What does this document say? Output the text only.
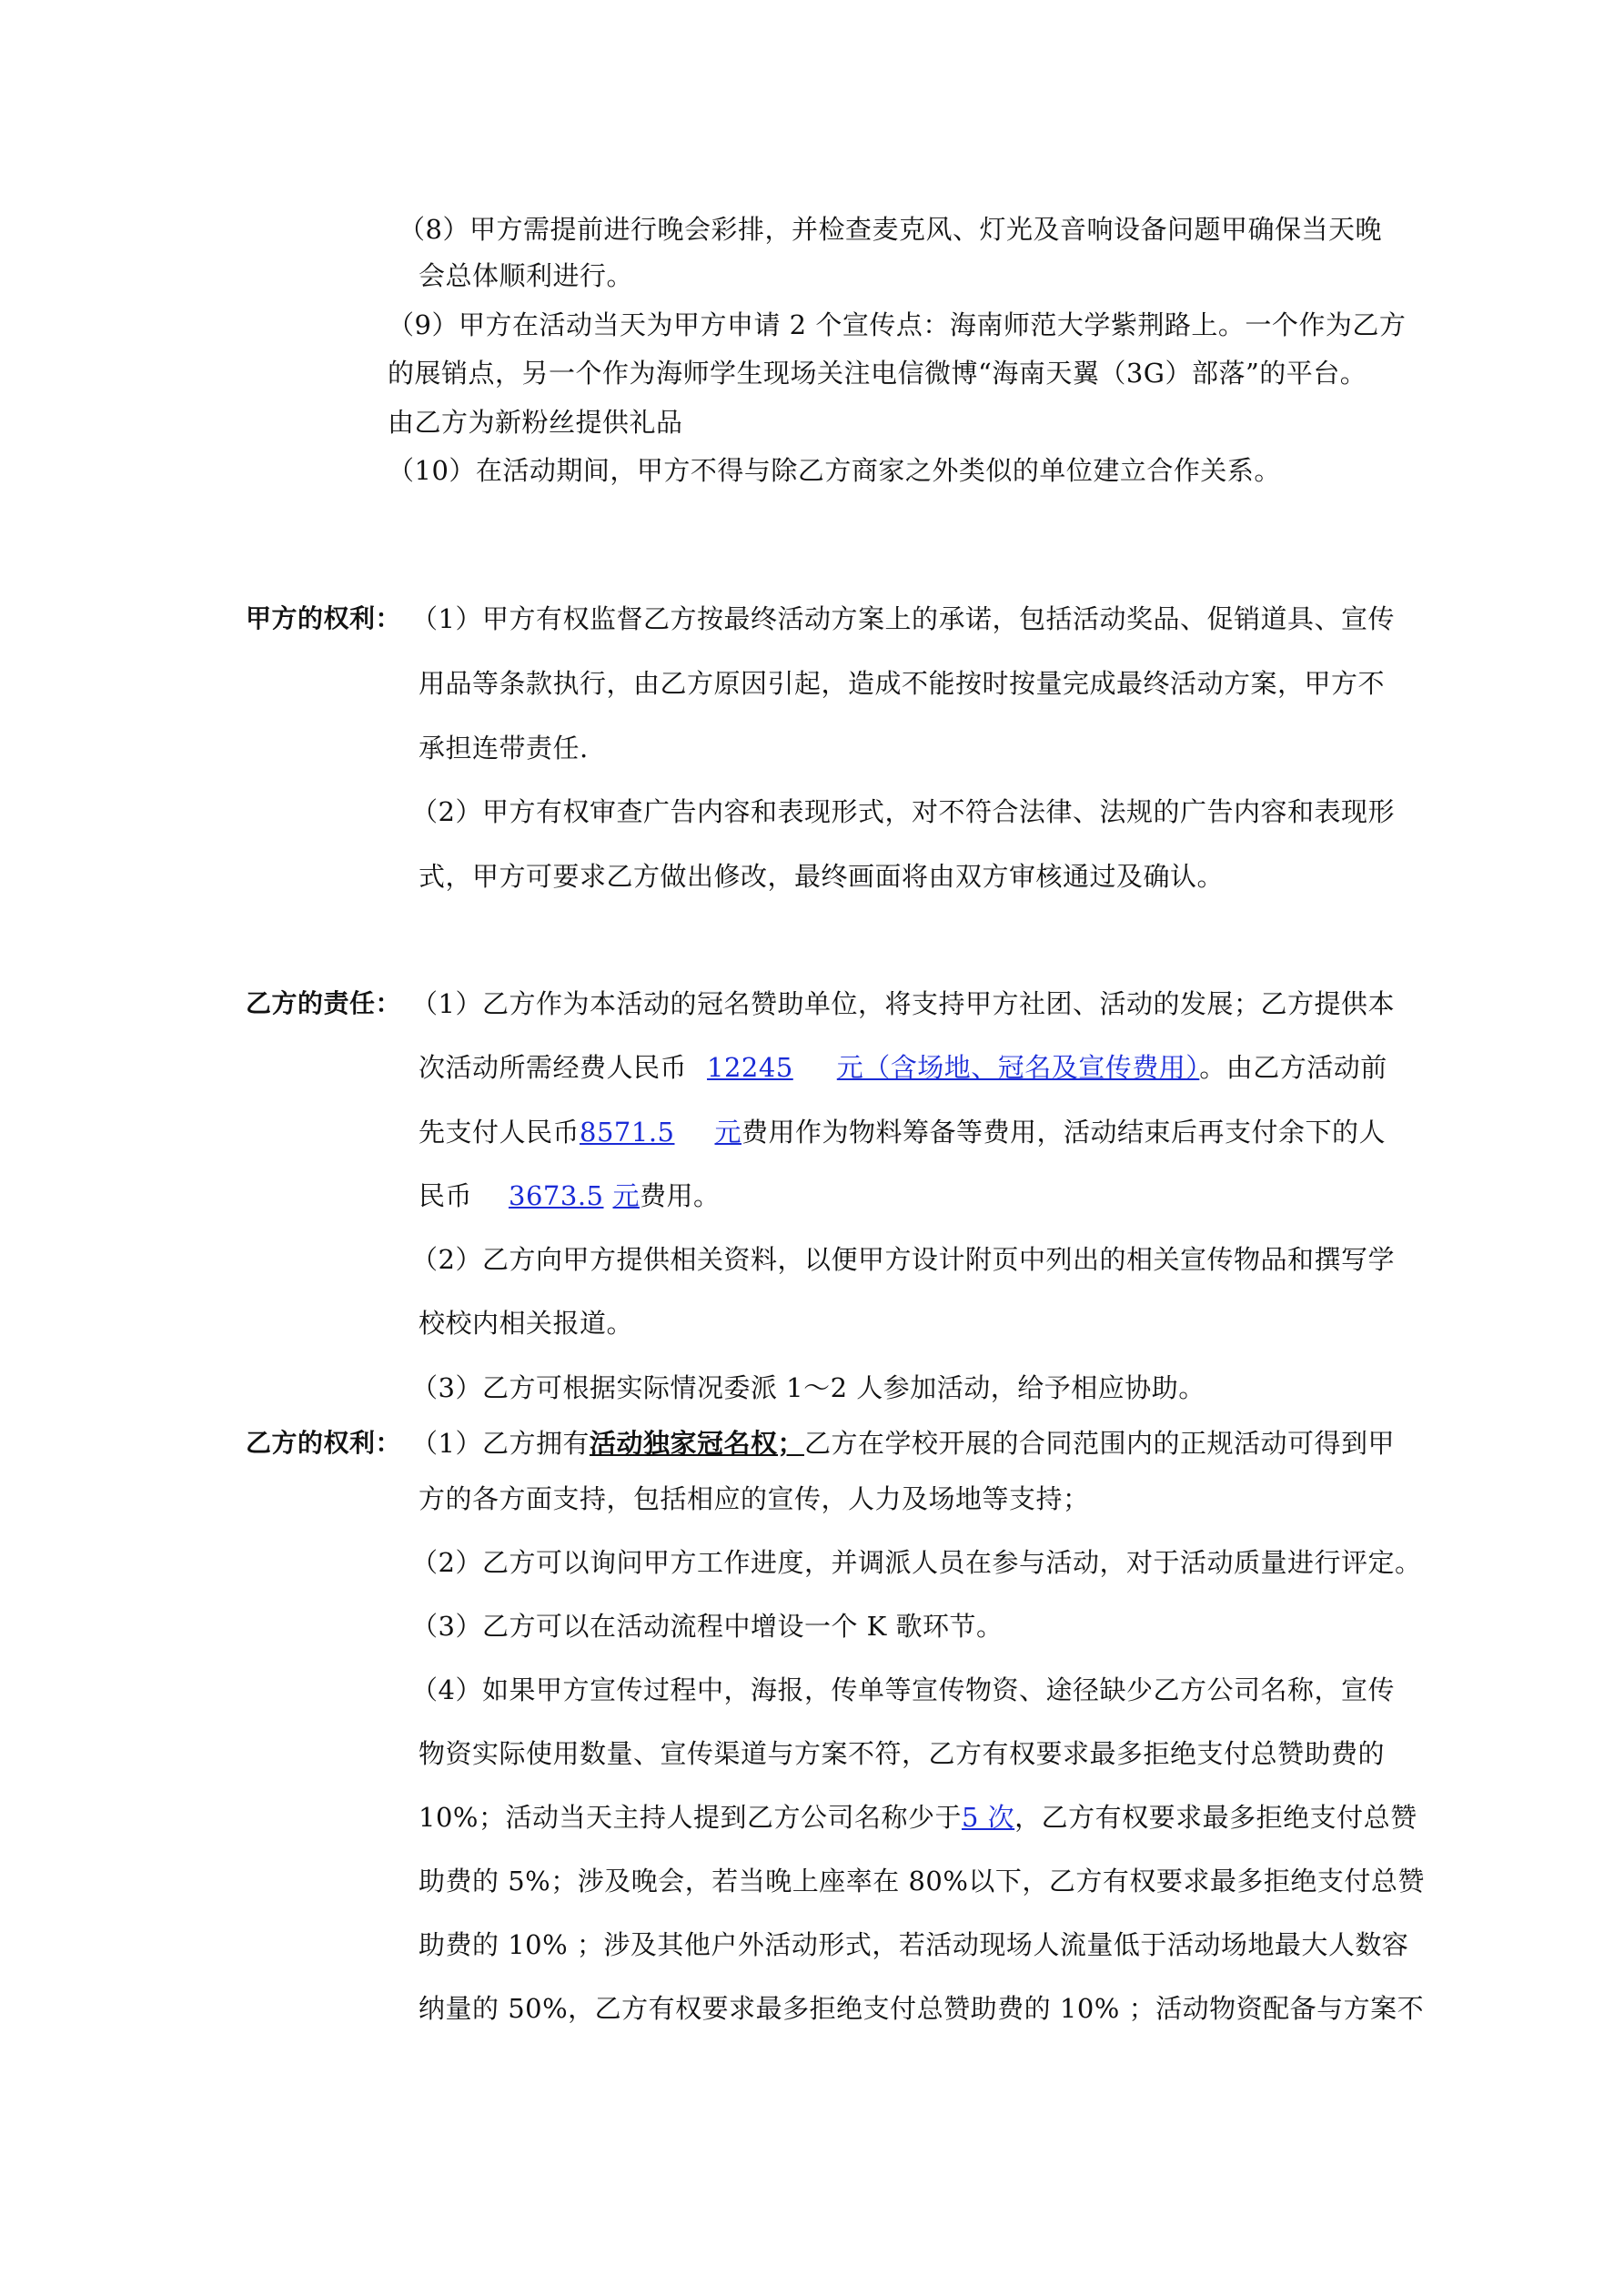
（8）甲方需提前进行晚会彩排，并检查麦克风、灯光及音响设备问题甲确保当天晚
会总体顺利进行。
（9）甲方在活动当天为甲方申请 2 个宣传点：海南师范大学紫荆路上。一个作为乙方
的展销点，另一个作为海师学生现场关注电信微博“海南天翼（3G）部落”的平台。
由乙方为新粉丝提供礼品
（10）在活动期间，甲方不得与除乙方商家之外类似的单位建立合作关系。
甲方的权利： （1）甲方有权监督乙方按最终活动方案上的承诺，包括活动奖品、促销道具、宣传
用品等条款执行，由乙方原因引起，造成不能按时按量完成最终活动方案，甲方不
承担连带责任.
（2）甲方有权审查广告内容和表现形式，对不符合法律、法规的广告内容和表现形
式，甲方可要求乙方做出修改，最终画面将由双方审核通过及确认。
乙方的责任： （1）乙方作为本活动的冠名赞助单位，将支持甲方社团、活动的发展；乙方提供本
次活动所需经费人民币 12245 元（含场地、冠名及宣传费用）。由乙方活动前
先支付人民币8571.5 元费用作为物料筹备等费用，活动结束后再支付余下的人
民币 3673.5 元费用。
（2）乙方向甲方提供相关资料，以便甲方设计附页中列出的相关宣传物品和撰写学
校校内相关报道。
（3）乙方可根据实际情况委派 1～2 人参加活动，给予相应协助。
乙方的权利： （1）乙方拥有活动独家冠名权；乙方在学校开展的合同范围内的正规活动可得到甲
方的各方面支持，包括相应的宣传，人力及场地等支持；
（2）乙方可以询问甲方工作进度，并调派人员在参与活动，对于活动质量进行评定。
（3）乙方可以在活动流程中增设一个 K 歌环节。
（4）如果甲方宣传过程中，海报，传单等宣传物资、途径缺少乙方公司名称，宣传
物资实际使用数量、宣传渠道与方案不符，乙方有权要求最多拒绝支付总赞助费的
10%；活动当天主持人提到乙方公司名称少于5 次，乙方有权要求最多拒绝支付总赞
助费的 5%；涉及晚会，若当晚上座率在 80%以下，乙方有权要求最多拒绝支付总赞
助费的 10% ；涉及其他户外活动形式，若活动现场人流量低于活动场地最大人数容
纳量的 50%，乙方有权要求最多拒绝支付总赞助费的 10% ；活动物资配备与方案不
